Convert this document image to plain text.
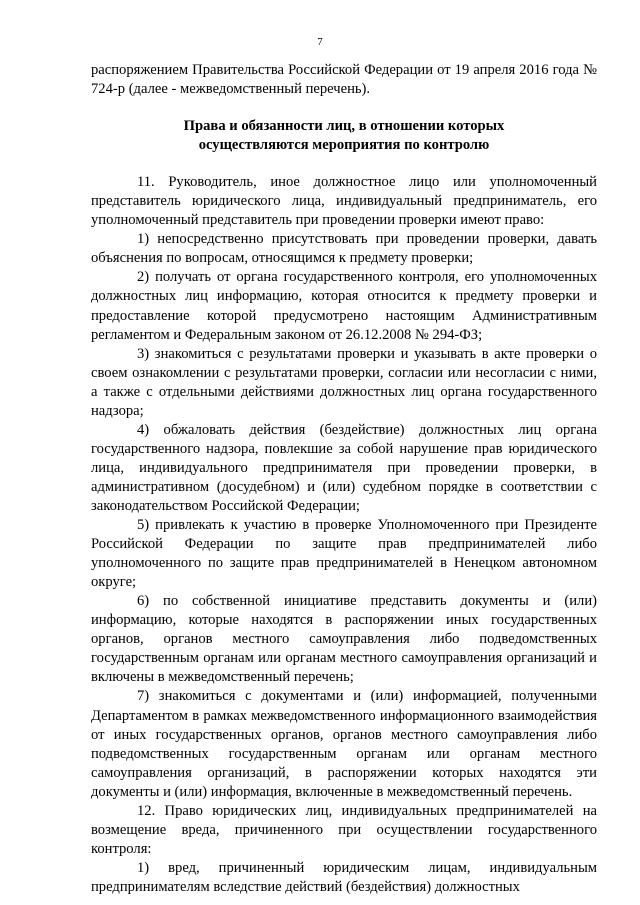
7

распоряжением Правительства Российской Федерации от 19 апреля 2016 года № 724-р (далее - межведомственный перечень).

Права и обязанности лиц, в отношении которых
осуществляются мероприятия по контролю

11. Руководитель, иное должностное лицо или уполномоченный представитель юридического лица, индивидуальный предприниматель, его уполномоченный представитель при проведении проверки имеют право:

1) непосредственно присутствовать при проведении проверки, давать объяснения по вопросам, относящимся к предмету проверки;

2) получать от органа государственного контроля, его уполномоченных должностных лиц информацию, которая относится к предмету проверки и предоставление которой предусмотрено настоящим Административным регламентом и Федеральным законом от 26.12.2008 № 294-ФЗ;

3) знакомиться с результатами проверки и указывать в акте проверки о своем ознакомлении с результатами проверки, согласии или несогласии с ними, а также с отдельными действиями должностных лиц органа государственного надзора;

4) обжаловать действия (бездействие) должностных лиц органа государственного надзора, повлекшие за собой нарушение прав юридического лица, индивидуального предпринимателя при проведении проверки, в административном (досудебном) и (или) судебном порядке в соответствии с законодательством Российской Федерации;

5) привлекать к участию в проверке Уполномоченного при Президенте Российской Федерации по защите прав предпринимателей либо уполномоченного по защите прав предпринимателей в Ненецком автономном округе;

6) по собственной инициативе представить документы и (или) информацию, которые находятся в распоряжении иных государственных органов, органов местного самоуправления либо подведомственных государственным органам или органам местного самоуправления организаций и включены в межведомственный перечень;

7) знакомиться с документами и (или) информацией, полученными Департаментом в рамках межведомственного информационного взаимодействия от иных государственных органов, органов местного самоуправления либо подведомственных государственным органам или органам местного самоуправления организаций, в распоряжении которых находятся эти документы и (или) информация, включенные в межведомственный перечень.

12. Право юридических лиц, индивидуальных предпринимателей на возмещение вреда, причиненного при осуществлении государственного контроля:

1) вред, причиненный юридическим лицам, индивидуальным предпринимателям вследствие действий (бездействия) должностных
